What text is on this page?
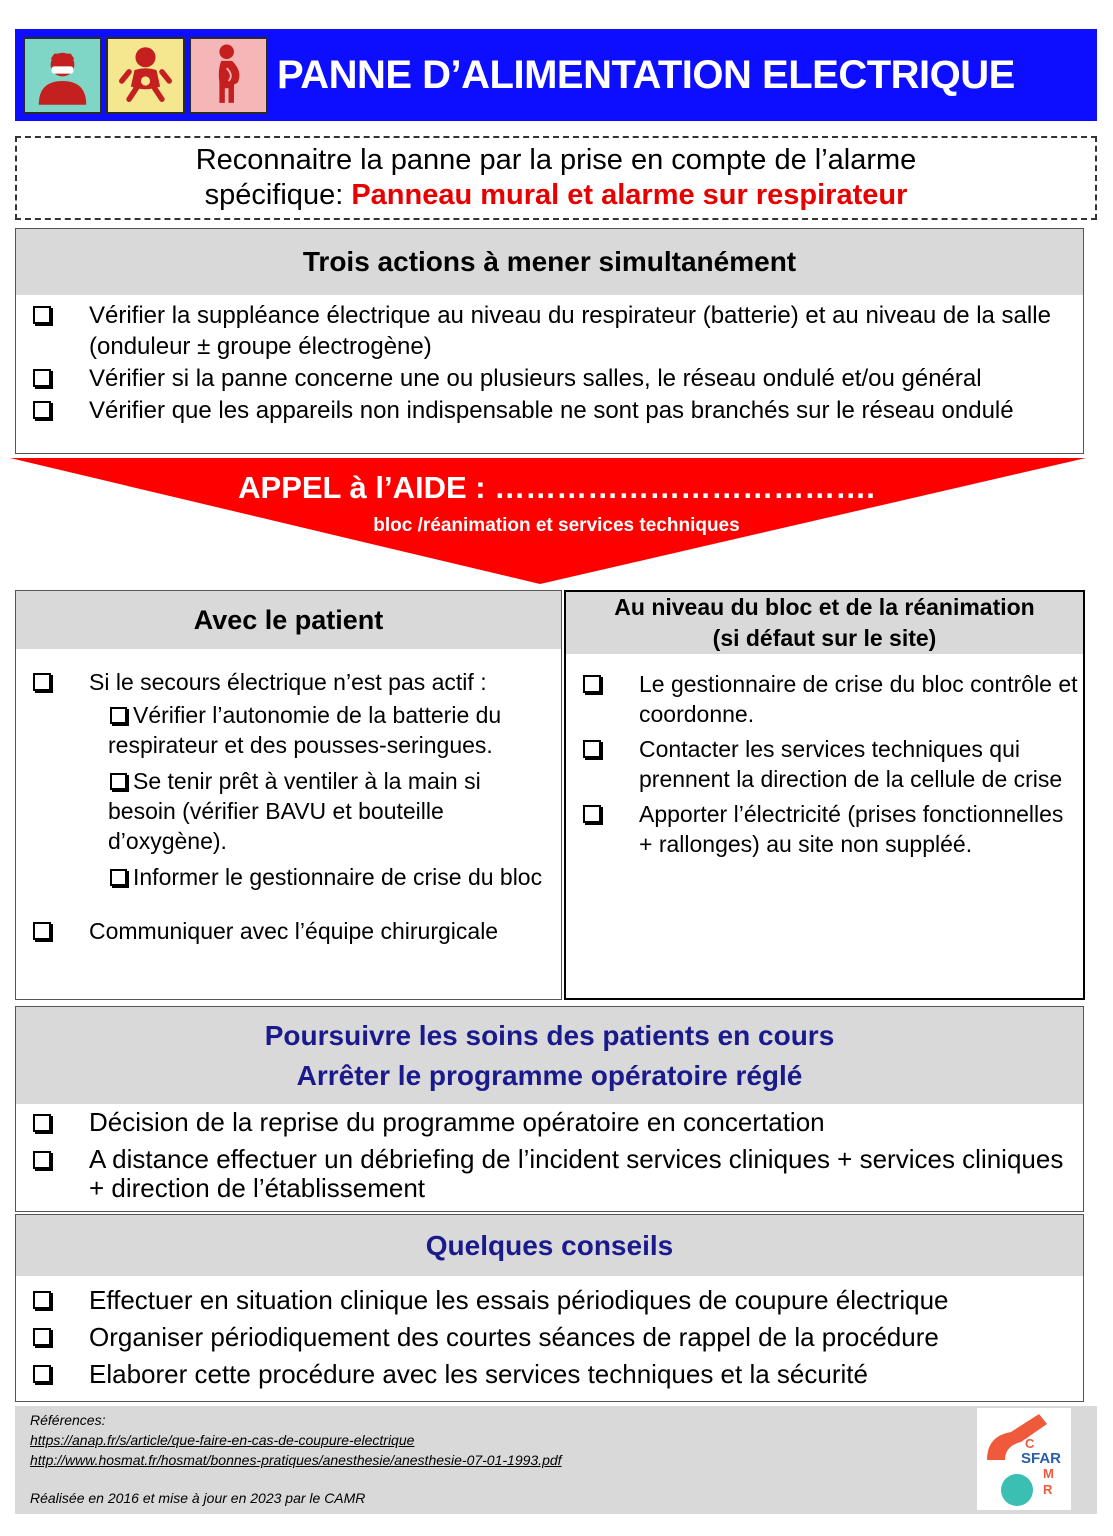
PANNE D’ALIMENTATION ELECTRIQUE
Reconnaitre la panne par la prise en compte de l’alarme
spécifique: Panneau mural et alarme sur respirateur
Trois actions à mener simultanément
Vérifier la suppléance électrique au niveau du respirateur (batterie) et au niveau de la salle (onduleur ± groupe électrogène)
Vérifier si la panne concerne une ou plusieurs salles, le réseau ondulé et/ou général
Vérifier que les appareils non indispensable ne sont pas branchés sur le réseau ondulé
APPEL à l’AIDE : ……………………………….
bloc /réanimation et services techniques
Avec le patient
Si le secours électrique n’est pas actif :
Vérifier l’autonomie de la batterie du respirateur et des pousses-seringues.
Se tenir prêt à ventiler à la main si besoin (vérifier BAVU et bouteille d’oxygène).
Informer le gestionnaire de crise du bloc
Communiquer avec l’équipe chirurgicale
Au niveau du bloc et de la réanimation
(si défaut sur le site)
Le gestionnaire de crise du bloc contrôle et coordonne.
Contacter les services techniques qui prennent la direction de la cellule de crise
Apporter l’électricité (prises fonctionnelles + rallonges) au site non suppléé.
Poursuivre les soins des patients en cours
Arrêter le programme opératoire réglé
Décision de la reprise du programme opératoire en concertation
A distance effectuer un débriefing de l’incident services cliniques + services cliniques + direction de l’établissement
Quelques conseils
Effectuer en situation clinique les essais périodiques de coupure électrique
Organiser périodiquement des courtes séances de rappel de la procédure
Elaborer cette procédure avec les services techniques et la sécurité
Références:
https://anap.fr/s/article/que-faire-en-cas-de-coupure-electrique
http://www.hosmat.fr/hosmat/bonnes-pratiques/anesthesie/anesthesie-07-01-1993.pdf
Réalisée en 2016 et mise à jour en 2023 par le CAMR
C
SFAR
M
R
